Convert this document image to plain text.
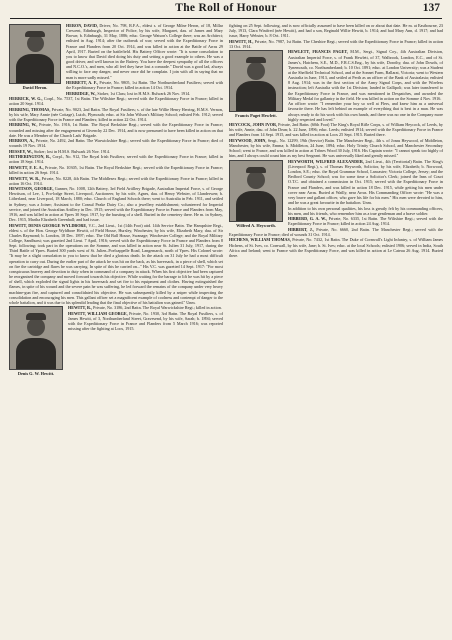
The Roll of Honour	137
David Heron.

HERON, DAVID, Driver, No. 798, R.F.A., eldest s. of George Milne Heron, of 18, Millar Crescent, Edinburgh, Inspector of Police, by his wife, Margaret, dau. of James and Mary Brown; b. Edinburgh, 31 May, 1886; educ. George Watson's College there; was an Architect; enlisted in Aug. 1914; after the outbreak of war; served with the Expeditionary Force in France and Flanders from 20 Oct. 1914, and was killed in action at the Battle of Arras 29 April, 1917. Buried on the battlefield. His Battery Officer wrote: "It is some consolation to you to know that David died doing his duty and setting a good example to others. He was a good driver, and well known in the Battery. You have the deepest sympathy of all the officers and N.C.O.'s, and men, who all feel they have lost a comrade." David was a good lad, always willing to face any danger, and never once did he complain. I join with all in saying that no man is more sadly missed."

HERRETT, A. F., Private, No. 9805, 1st Battn. The Northumberland Fusiliers; served with the Expeditionary Force in France; killed in action 14 Oct. 1914.

HERRIDGE, W., Stoker, 1st Class; lost in H.M.S. Bulwark 26 Nov. 1914.

HERRICK, W. G., Corpl., No. 7537, 1st Battn. The Wiltshire Regt.; served with the Expeditionary Force in France; killed in action 20 Sept. 1914.

HERRING, THOMAS, Private, No. 9023, 2nd Battn. The Royal Fusiliers; s. of the late Willie Henry Herring, H.M.S. Vernon, by his wife, Mary Annie (née Cottage), Lutch, Plymouth; educ. at Sir John Wilson's Military School; enlisted Feb. 1912; served with the Expeditionary Force in France and Flanders; killed in action 22 Oct. 1914.

HERRING, W., Private, No. 1916, 1st Battn. The Royal Berkshire Regt.; served with the Expeditionary Force in France; wounded and missing after the engagement at Givenchy 22 Dec. 1914, and is now presumed to have been killed in action on that date. He was a Member of the Church Lads' Brigade.

HERRON, A., Private, No. 2492, 2nd Battn. The Warwickshire Regt.; served with the Expeditionary Force in France; died of wounds 19 Nov. 1914.

HESSEY, W., Stoker; lost in H.M.S. Bulwark 26 Nov. 1914.

HETHERINGTON, R., Corpl., No. 912, The Royal Irish Fusiliers; served with the Expeditionary Force in France; killed in action 18 Sept. 1914.

HEWETT, F. E. A., Private, No. 10305, 1st Battn. The Royal Berkshire Regt.; served with the Expeditionary Force in France; killed in action 26 Sept. 1914.

HEWETT, W. R., Private, No. 8228, 4th Battn. The Middlesex Regt.; served with the Expeditionary Force in France; killed in action 16 Oct. 1914.

HEWITSON, GEORGE, Gunner, No. 1008, 12th Battery, 3rd Field Artillery Brigade, Australian Imperial Force, s. of George Hewitson, of Lee, 1, Pro-lodge Street, Liverpool, Auctioneer, by his wife, Agnes, dau. of Henry Webster, of Llanderwen; b. Litherland, near Liverpool, 18 March, 1880; educ. Church of England Schools there; went to Australia in Feb. 1911, and settled in Sydney; was a Joiner; Assistant to the Consul Peake Dairy Co.; also a jewellery establishment; volunteered for Imperial service, and joined the Australian Artillery in Dec. 1915; served with the Expeditionary Force in France and Flanders from May, 1916, and was killed in action at Ypres 30 Sept. 1917, by the bursting of a shell. Buried in the cemetery there. He m. in Sydney, Dec. 1915, Martha Elizabeth Greenhall; and had issue.

HEWITT, DENIS GEORGE WYLDBORE, V.C., 2nd Lieut., 1st (14th Foot) attd. 14th Service Battn. The Hampshire Regt., eldest s. of the Hon. George Wyldbore Hewitt, of Field House, Hursley, Winchester, by his wife, Elizabeth Mary, dau. of Sir Charles Raymond; b. London, 18 Dec. 1897; educ. The Old Ball House, Swanage; Winchester College; and the Royal Military College, Sandhurst; was gazetted 2nd Lieut. 7 April, 1916; served with the Expeditionary Force in France and Flanders from 8 Sept. following; took part in the operations on the Somme, and was killed in action near St. Julien 31 July, 1917, during the Third Battle of Ypres. Buried 300 yards west of St. Julien–Poelcappelle Road, Langemarck, north of Ypres. His Colonel wrote: "It may be a slight consolation to you to know that he died a glorious death. In the attack on 31 July he had a most difficult operation to carry out. During the earlier part of the attack he was hit on the back, as his haversack, in a piece of shell, which set on fire the cartridge and flares he was carrying. In spite of this he carried on..." His V.C. was gazetted 14 Sept. 1917: "For most conspicuous bravery and devotion to duty when in command of a company in attack. When his first objective had been captured he reorganised the company and moved forward towards his objective. While waiting for the barrage to lift he was hit by a piece of shell, which exploded the signal lights in his haversack and set fire to his equipment and clothes. Having extinguished the flames, in spite of his wound and the severe pain he was suffering, he led forward the remains of the company under very heavy machine-gun fire, and captured and consolidated his objective. He was subsequently killed by a sniper while inspecting the consolidation and encouraging his men. This gallant officer set a magnificent example of coolness and contempt of danger to the whole battalion, and it was due to his splendid leading that the final objective of his battalion was gained." Unm.

Denis G. W. Hewitt.

HEWITT, R., Private, No. 3186, 2nd Battn. The Royal Warwickshire Regt.; killed in action.

HEWITT, WILLIAM GEORGE, Private, No. 1930, 3rd Battn. The Royal Fusiliers, s. of James Hewitt, of 3, Northumberland Street, Gravesend, by his wife, Sarah; b. 1894; served with the Expeditionary Force in France and Flanders from 5 March 1916; was reported missing after the fighting at Loos, 1915.

fighting on 25 Sept. following, and is now officially assumed to have been killed on or about that date. He m. at Eastbourne, 23 July, 1913, Clara Winifred (née Hewitt), and had a son, Reginald Willie Hewitt, b. 1914; and had Mary Ann, d. 1917; and had issue, Harry Webster, b. 8 Oct. 1911.

HEWITT, H., Private, No. 7987, 1st Battn. The Cheshire Regt.; served with the Expeditionary Force in France; killed in action 13 Oct. 1914.

Francis Paget Hewlett.

HEWLETT, FRANCIS PAGET, M.M., Sergt., Signal Coy., 4th Australian Division, Australian Imperial Force, s. of Frank Hewlett, of 37, Walbrook, London, E.C., and of St. James's, Hatchem, S.E., M.D., F.R.C.S.Eng., by his wife, Dorothy, dau. of John Dowds, of Tynemouth, co. Northumberland; b. 10 Oct. 1891; educ. at London University; was a Student at the Sheffield Technical School, and at the Sonnet Farm, Ballarat, Victoria; went to Western Australia in June, 1913, and settled at Perth as an officer of the Bank of Australasia; enlisted 8 Aug. 1914; was in the first section of the Army Signal Corps, and with the Wireless instruction; left Australia with the 1st Division; landed in Gallipoli; was later transferred to the Expeditionary Force in France, and was mentioned in Despatches, and awarded the Military Medal for gallantry in the field. He was killed in action on the Somme 4 Nov. 1916.

An officer wrote: "I remember your boy so well at Flers, and knew him as a universal favourite there. He has left behind an example of everything that is best in a man. He was always ready to do his work with his own hands, and there was no one in the Company more highly respected and loved."

HEYCOCK, JOHN IVOR, Private, 2nd Battn. (60th Foot) The King's Royal Rifle Corps, s. of William Heycock, of Leeds, by his wife, Annie, dau. of John Dean; b. 22 June, 1896; educ. Leeds; enlisted 1914; served with the Expeditionary Force in France and Flanders from 14 Sept. 1915, and was killed in action at Loos 25 Sept. 1915. Buried there.

HEYWOOD, JOHN, Sergt., No. 12299, 19th (Service) Battn. The Manchester Regt., 4th s. of Jonas Heywood, of Middleton, Manchester, by his wife, Emma; b. Middleton, 24 June, 1894; educ. Holy Trinity Church School, and Manchester Secondary School; went to France, and was killed in action at Trônes Wood 30 July, 1916. His Captain wrote: "I cannot speak too highly of him, and I always could count him as my best Sergeant. He was universally liked and greatly missed."

Wilfred A. Heyworth.

HEYWORTH, WILFRED ALEXANDER, 2nd Lieut., 4th (Territorial) Battn. The King's (Liverpool Regt.), s. of Thomas Heyworth, Solicitor, by his wife, Elizabeth; b. Norwood, London, S.E.; educ. the Royal Grammar School, Lancaster; Victoria College, Jersey; and the Bedford County School; was for some time a Solicitor's Clerk; joined the Inns of Court O.T.C. and obtained a commission in Oct. 1915; served with the Expeditionary Force in France and Flanders, and was killed in action 18 Dec. 1915, while getting his men under cover near Arras. Buried at Wailly, near Arras. His Commanding Officer wrote: "He was a very brave and gallant officer, who gave his life for his men." His men were devoted to him, and he was a great favourite in the battalion. Unm.

In addition to his own personal qualities, his loss is greatly felt by his commanding officers, his men, and his friends, who remember him as a true gentleman and a brave soldier.

HIBBERD, G. A. W., Private, No. 6335, 1st Battn. The Wiltshire Regt.; served with the Expeditionary Force in France; killed in action 24 Aug. 1914.

HIBBERT, J., Private, No. 6660, 2nd Battn. The Manchester Regt.; served with the Expeditionary Force in France; died of wounds 31 Oct. 1914.

HICHENS, WILLIAM THOMAS, Private, No. 7432, 1st Battn. The Duke of Cornwall's Light Infantry, s. of William James Hichens, of St. Ives, co. Cornwall, by his wife, Jane; b. St. Ives; educ. at the local Schools; enlisted 1906; served in India, South Africa and Ireland; went to France with the Expeditionary Force, and was killed in action at Le Cateau 26 Aug. 1914. Buried there.
